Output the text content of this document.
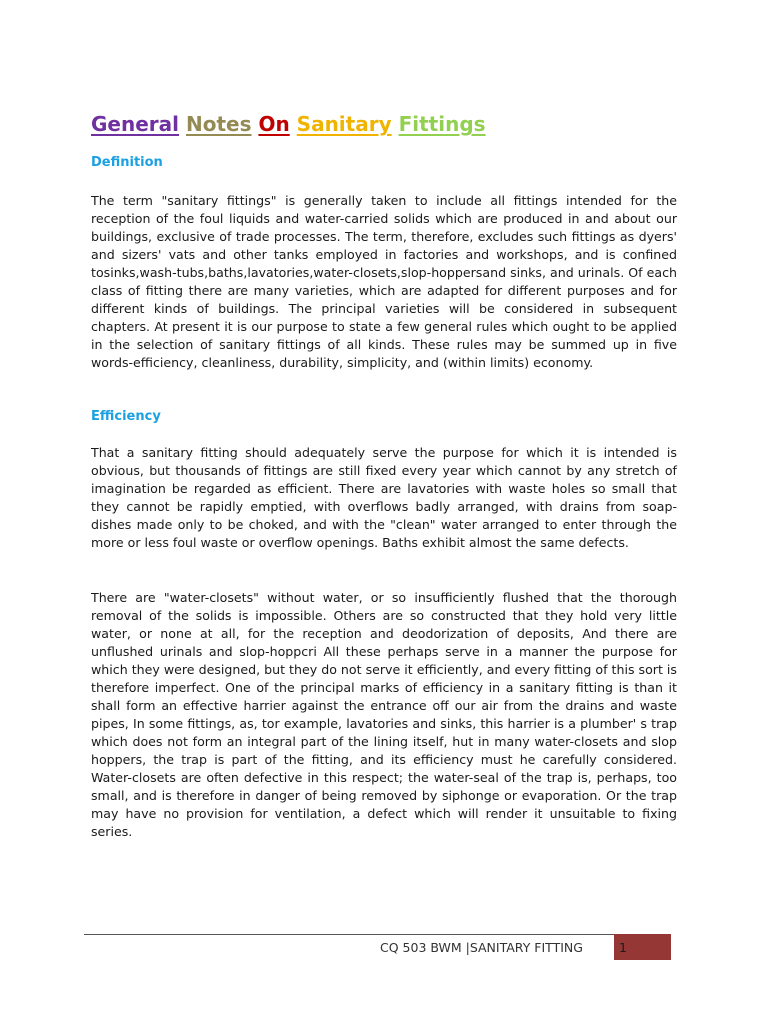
General Notes On Sanitary Fittings
Definition

The term "sanitary fittings" is generally taken to include all fittings intended for the reception of the foul liquids and water-carried solids which are produced in and about our buildings, exclusive of trade processes. The term, therefore, excludes such fittings as dyers' and sizers' vats and other tanks employed in factories and workshops, and is confined tosinks,wash-tubs,baths,lavatories,water-closets,slop-hoppersand sinks, and urinals. Of each class of fitting there are many varieties, which are adapted for different purposes and for different kinds of buildings. The principal varieties will be considered in subsequent chapters. At present it is our purpose to state a few general rules which ought to be applied in the selection of sanitary fittings of all kinds. These rules may be summed up in five words-efficiency, cleanliness, durability, simplicity, and (within limits) economy.

Efficiency

That a sanitary fitting should adequately serve the purpose for which it is intended is obvious, but thousands of fittings are still fixed every year which cannot by any stretch of imagination be regarded as efficient. There are lavatories with waste holes so small that they cannot be rapidly emptied, with overflows badly arranged, with drains from soap-dishes made only to be choked, and with the "clean" water arranged to enter through the more or less foul waste or overflow openings. Baths exhibit almost the same defects.

There are "water-closets" without water, or so insufficiently flushed that the thorough removal of the solids is impossible. Others are so constructed that they hold very little water, or none at all, for the reception and deodorization of deposits, And there are unflushed urinals and slop-hoppcri All these perhaps serve in a manner the purpose for which they were designed, but they do not serve it efficiently, and every fitting of this sort is therefore imperfect. One of the principal marks of efficiency in a sanitary fitting is than it shall form an effective harrier against the entrance off our air from the drains and waste pipes, In some fittings, as, tor example, lavatories and sinks, this harrier is a plumber' s trap which does not form an integral part of the lining itself, hut in many water-closets and slop hoppers, the trap is part of the fitting, and its efficiency must he carefully considered. Water-closets are often defective in this respect; the water-seal of the trap is, perhaps, too small, and is therefore in danger of being removed by siphonge or evaporation. Or the trap may have no provision for ventilation, a defect which will render it unsuitable to fixing series.

CQ 503 BWM |SANITARY FITTING	1
